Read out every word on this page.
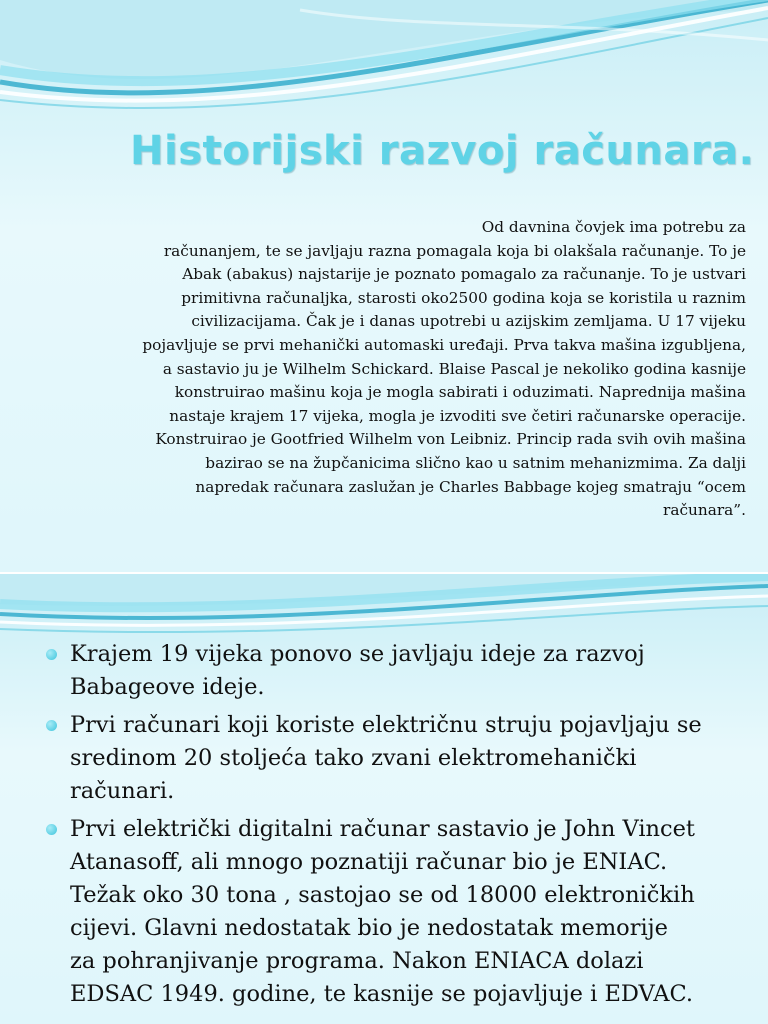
Historijski razvoj računara.

Od davnina čovjek ima potrebu za
računanjem, te se javljaju razna pomagala koja bi olakšala računanje. To je
Abak (abakus) najstarije je poznato pomagalo za računanje. To je ustvari
primitivna računaljka, starosti oko2500 godina koja se koristila u raznim
civilizacijama. Čak je i danas upotrebi u azijskim zemljama. U 17 vijeku
pojavljuje se prvi mehanički automaski uređaji. Prva takva mašina izgubljena,
a sastavio ju je Wilhelm Schickard. Blaise Pascal je nekoliko godina kasnije
konstruirao mašinu koja je mogla sabirati i oduzimati. Naprednija mašina
nastaje krajem 17 vijeka, mogla je izvoditi sve četiri računarske operacije.
Konstruirao je Gootfried Wilhelm von Leibniz. Princip rada svih ovih mašina
bazirao se na župčanicima slično kao u satnim mehanizmima. Za dalji
napredak računara zaslužan je Charles Babbage kojeg smatraju “ocem
računara”.

Krajem 19 vijeka ponovo se javljaju ideje za razvoj
Babageove ideje.
Prvi računari koji koriste električnu struju pojavljaju se
sredinom 20 stoljeća tako zvani elektromehanički
računari.
Prvi električki digitalni računar sastavio je John Vincet
Atanasoff, ali mnogo poznatiji računar bio je ENIAC.
Težak oko 30 tona , sastojao se od 18000 elektroničkih
cijevi. Glavni nedostatak bio je nedostatak memorije
za pohranjivanje programa. Nakon ENIACA dolazi
EDSAC 1949. godine, te kasnije se pojavljuje i EDVAC.
